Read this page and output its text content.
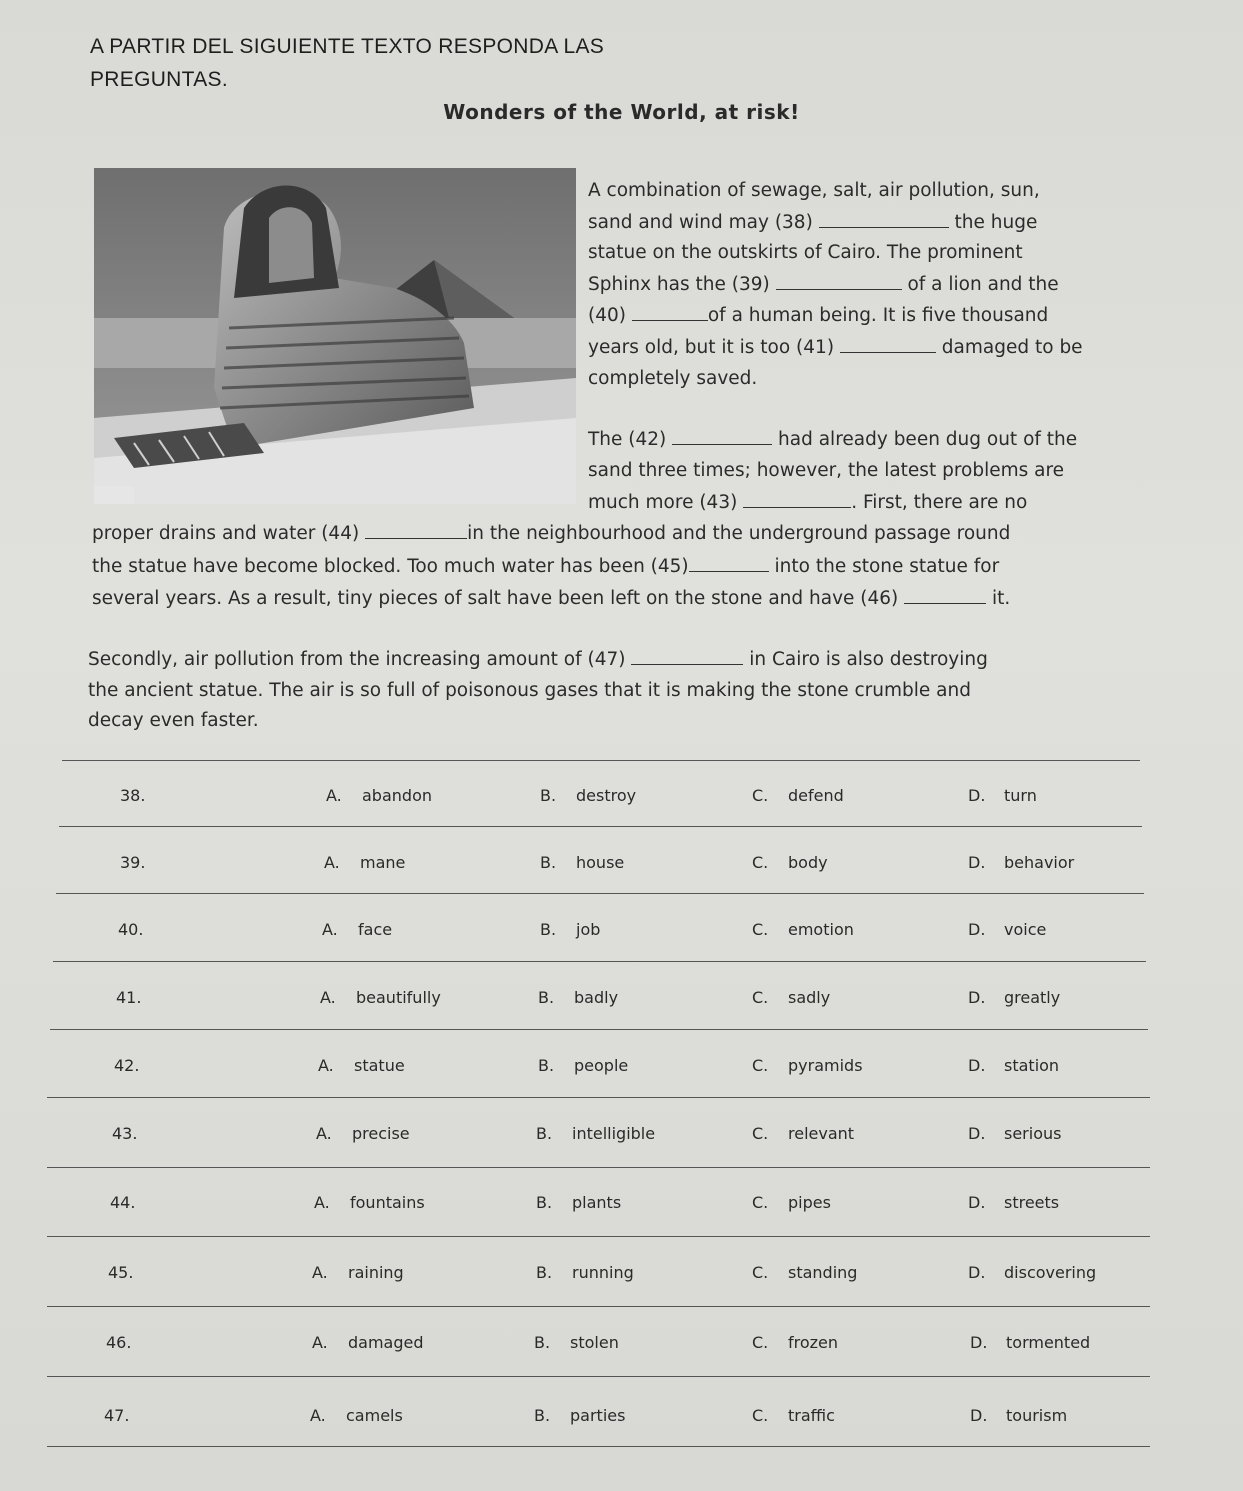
A PARTIR DEL SIGUIENTE TEXTO RESPONDA LAS PREGUNTAS.
Wonders of the World, at risk!
A combination of sewage, salt, air pollution, sun,
sand and wind may (38)	the huge
statue on the outskirts of Cairo. The prominent
Sphinx has the (39)	of a lion and the
(40)	of a human being. It is five thousand
years old, but it is too (41)	damaged to be
completely saved.
The (42)	had already been dug out of the
sand three times; however, the latest problems are
much more (43)	. First, there are no
proper drains and water (44)	in the neighbourhood and the underground passage round
the statue have become blocked. Too much water has been (45)	into the stone statue for
several years. As a result, tiny pieces of salt have been left on the stone and have (46)	it.
Secondly, air pollution from the increasing amount of (47)	in Cairo is also destroying
the ancient statue. The air is so full of poisonous gases that it is making the stone crumble and
decay even faster.
38.	A. abandon	B. destroy	C. defend	D. turn
39.	A. mane	B. house	C. body	D. behavior
40.	A. face	B. job	C. emotion	D. voice
41.	A. beautifully	B. badly	C. sadly	D. greatly
42.	A. statue	B. people	C. pyramids	D. station
43.	A. precise	B. intelligible	C. relevant	D. serious
44.	A. fountains	B. plants	C. pipes	D. streets
45.	A. raining	B. running	C. standing	D. discovering
46.	A. damaged	B. stolen	C. frozen	D. tormented
47.	A. camels	B. parties	C. traffic	D. tourism
